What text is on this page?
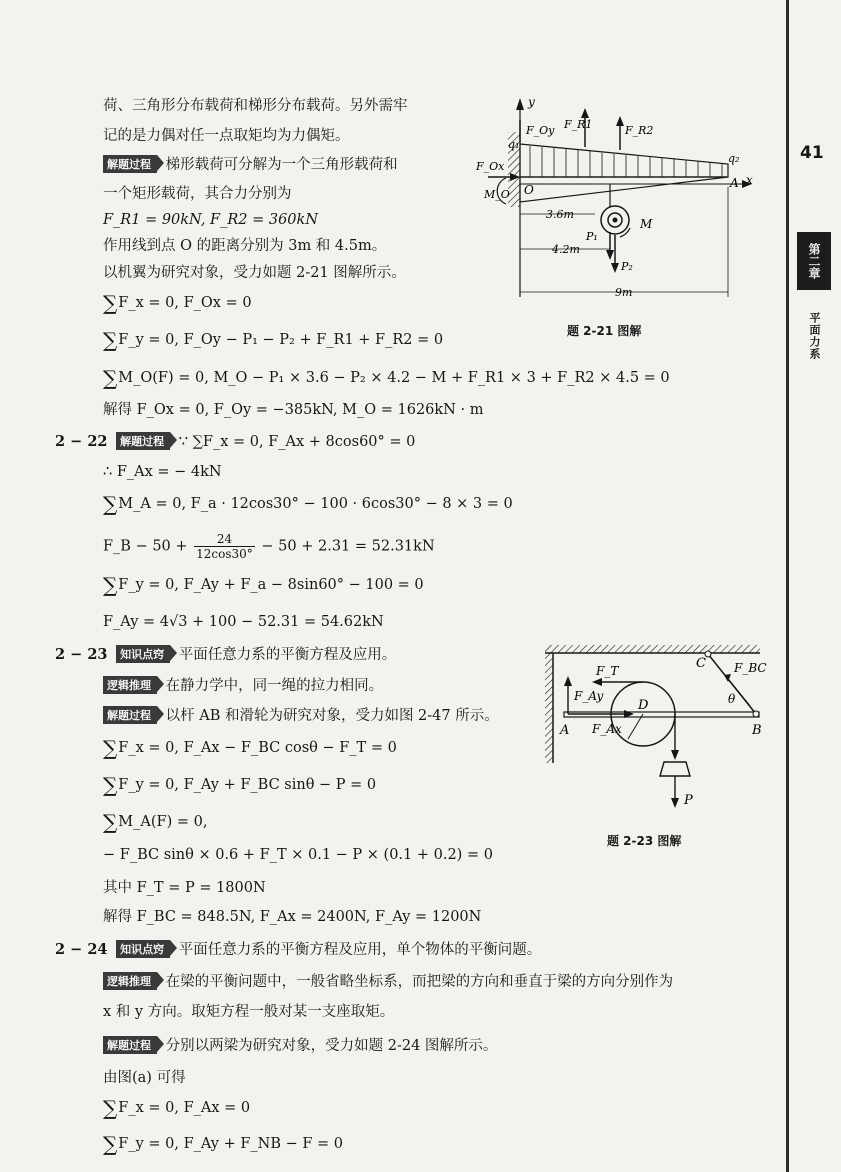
41
第二章
平面力系
荷、三角形分布载荷和梯形分布载荷。另外需牢
记的是力偶对任一点取矩均为力偶矩。
解题过程 梯形载荷可分解为一个三角形载荷和
一个矩形载荷，其合力分别为
F_R1 = 90kN, F_R2 = 360kN
作用线到点 O 的距离分别为 3m 和 4.5m。
以机翼为研究对象，受力如题 2-21 图解所示。
∑F_x = 0, F_Ox = 0
∑F_y = 0, F_Oy − P₁ − P₂ + F_R1 + F_R2 = 0
∑M_O(F) = 0, M_O − P₁ × 3.6 − P₂ × 4.2 − M + F_R1 × 3 + F_R2 × 4.5 = 0
解得 F_Ox = 0, F_Oy = −385kN, M_O = 1626kN · m
2 − 22 解题过程 ∵ ∑F_x = 0, F_Ax + 8cos60° = 0
∴ F_Ax = − 4kN
∑M_A = 0, F_a · 12cos30° − 100 · 6cos30° − 8 × 3 = 0
F_B − $50 + \frac{24}{12\cos 30^\circ} - 50 + 2.31 = 52.31kN$
∑F_y = 0, F_Ay + F_a − 8sin60° − 100 = 0
F_Ay = 4√3 + 100 − 52.31 = 54.62kN
2 − 23 知识点窍 平面任意力系的平衡方程及应用。
逻辑推理 在静力学中，同一绳的拉力相同。
解题过程 以杆 AB 和滑轮为研究对象，受力如图 2-47 所示。
∑F_x = 0, F_Ax − F_BC cosθ − F_T = 0
∑F_y = 0, F_Ay + F_BC sinθ − P = 0
∑M_A(F) = 0,
− F_BC sinθ × 0.6 + F_T × 0.1 − P × (0.1 + 0.2) = 0
其中 F_T = P = 1800N
解得 F_BC = 848.5N, F_Ax = 2400N, F_Ay = 1200N
2 − 24 知识点窍 平面任意力系的平衡方程及应用，单个物体的平衡问题。
逻辑推理 在梁的平衡问题中，一般省略坐标系，而把梁的方向和垂直于梁的方向分别作为
x 和 y 方向。取矩方程一般对某一支座取矩。
解题过程 分别以两梁为研究对象，受力如题 2-24 图解所示。
由图(a) 可得
∑F_x = 0, F_Ax = 0
∑F_y = 0, F_Ay + F_NB − F = 0
y
x
q₁
q₂
F_Oy F_R1	F_R2
F_Ox
M_O O	A
M
P₁
P₂
3.6m
4.2m
9m
题 2-21 图解
F_T
F_Ay
F_Ax
F_BC
C
D	θ
A	B
P
题 2-23 图解
